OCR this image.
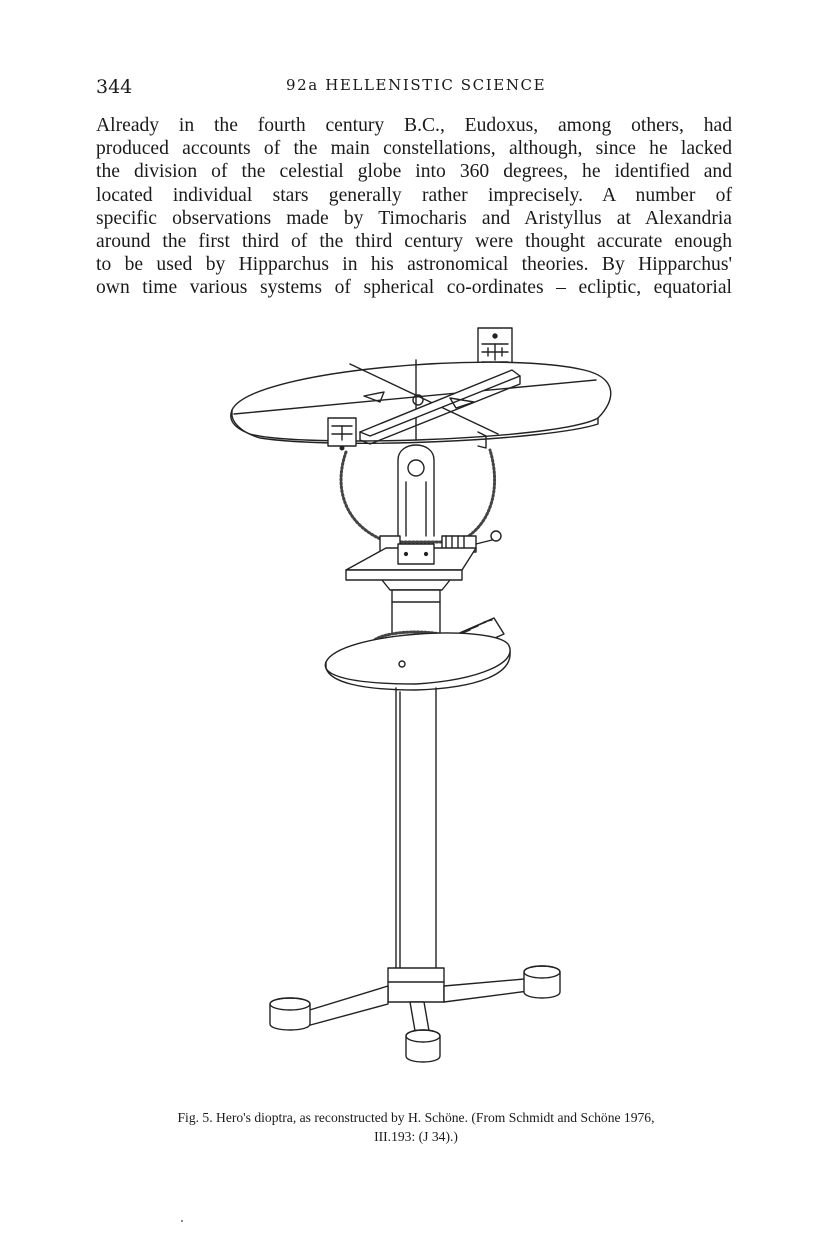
344	92a HELLENISTIC SCIENCE
Already in the fourth century B.C., Eudoxus, among others, had
produced accounts of the main constellations, although, since he lacked
the division of the celestial globe into 360 degrees, he identified and
located individual stars generally rather imprecisely. A number of
specific observations made by Timocharis and Aristyllus at Alexandria
around the first third of the third century were thought accurate enough
to be used by Hipparchus in his astronomical theories. By Hipparchus'
own time various systems of spherical co-ordinates – ecliptic, equatorial
Fig. 5. Hero's dioptra, as reconstructed by H. Schöne. (From Schmidt and Schöne 1976,
III.193: (J 34).)
